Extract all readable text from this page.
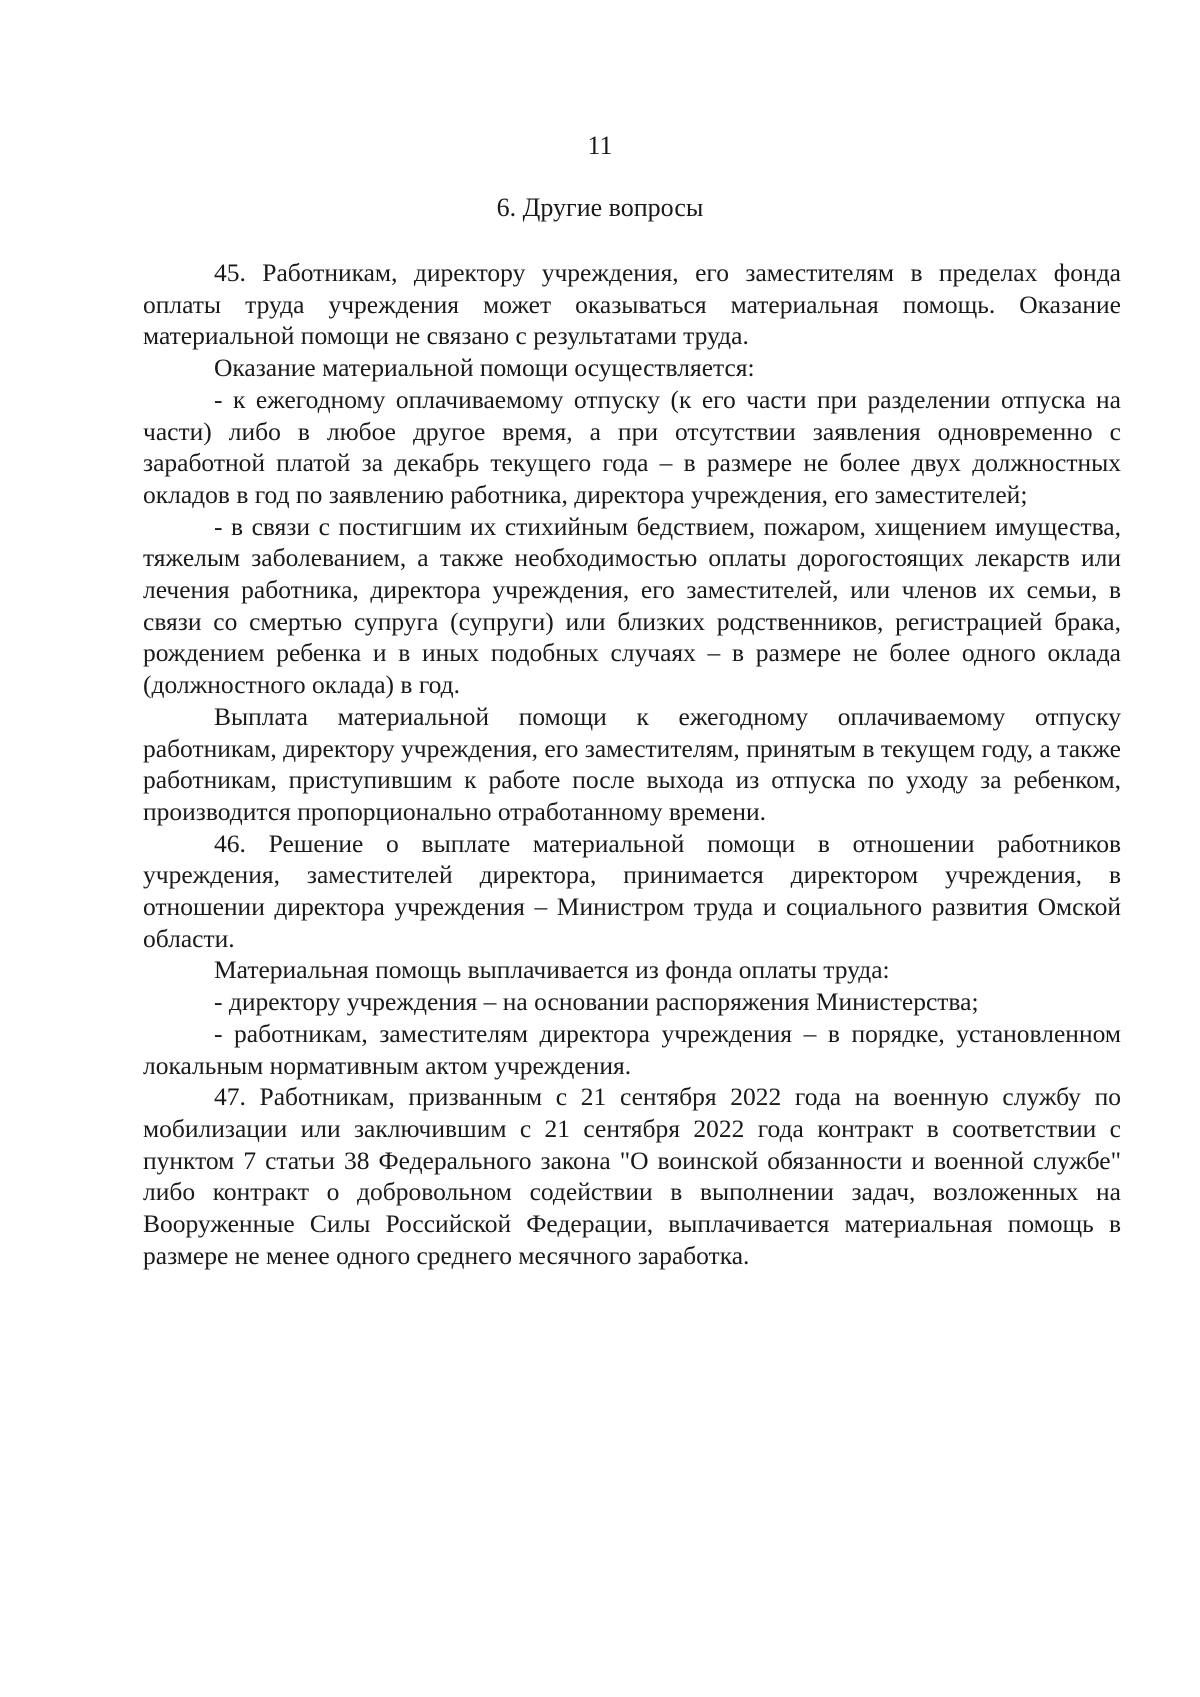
11
6. Другие вопросы

45. Работникам, директору учреждения, его заместителям в пределах фонда оплаты труда учреждения может оказываться материальная помощь. Оказание материальной помощи не связано с результатами труда.

Оказание материальной помощи осуществляется:

- к ежегодному оплачиваемому отпуску (к его части при разделении отпуска на части) либо в любое другое время, а при отсутствии заявления одновременно с заработной платой за декабрь текущего года – в размере не более двух должностных окладов в год по заявлению работника, директора учреждения, его заместителей;

- в связи с постигшим их стихийным бедствием, пожаром, хищением имущества, тяжелым заболеванием, а также необходимостью оплаты дорогостоящих лекарств или лечения работника, директора учреждения, его заместителей, или членов их семьи, в связи со смертью супруга (супруги) или близких родственников, регистрацией брака, рождением ребенка и в иных подобных случаях – в размере не более одного оклада (должностного оклада) в год.

Выплата материальной помощи к ежегодному оплачиваемому отпуску работникам, директору учреждения, его заместителям, принятым в текущем году, а также работникам, приступившим к работе после выхода из отпуска по уходу за ребенком, производится пропорционально отработанному времени.

46. Решение о выплате материальной помощи в отношении работников учреждения, заместителей директора, принимается директором учреждения, в отношении директора учреждения – Министром труда и социального развития Омской области.

Материальная помощь выплачивается из фонда оплаты труда:

- директору учреждения – на основании распоряжения Министерства;

- работникам, заместителям директора учреждения – в порядке, установленном локальным нормативным актом учреждения.

47. Работникам, призванным с 21 сентября 2022 года на военную службу по мобилизации или заключившим с 21 сентября 2022 года контракт в соответствии с пунктом 7 статьи 38 Федерального закона "О воинской обязанности и военной службе" либо контракт о добровольном содействии в выполнении задач, возложенных на Вооруженные Силы Российской Федерации, выплачивается материальная помощь в размере не менее одного среднего месячного заработка.
